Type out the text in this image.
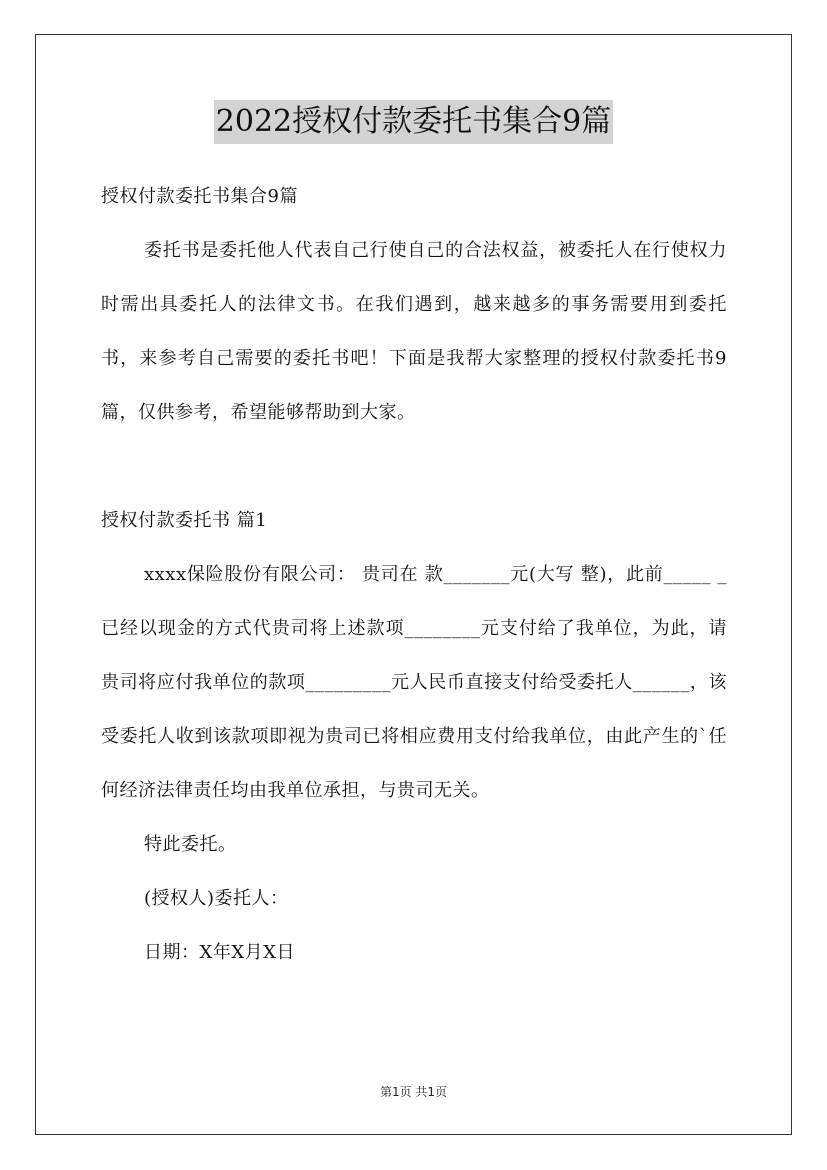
2022授权付款委托书集合9篇

授权付款委托书集合9篇

委托书是委托他人代表自己行使自己的合法权益，被委托人在行使权力时需出具委托人的法律文书。在我们遇到，越来越多的事务需要用到委托书，来参考自己需要的委托书吧！下面是我帮大家整理的授权付款委托书9篇，仅供参考，希望能够帮助到大家。

授权付款委托书 篇1

xxxx保险股份有限公司： 贵司在 款_______元(大写 整)，此前_____ _ 已经以现金的方式代贵司将上述款项________元支付给了我单位，为此，请贵司将应付我单位的款项_________元人民币直接支付给受委托人______，该受委托人收到该款项即视为贵司已将相应费用支付给我单位，由此产生的`任何经济法律责任均由我单位承担，与贵司无关。

特此委托。

(授权人)委托人：

日期：X年X月X日

第1页 共1页
